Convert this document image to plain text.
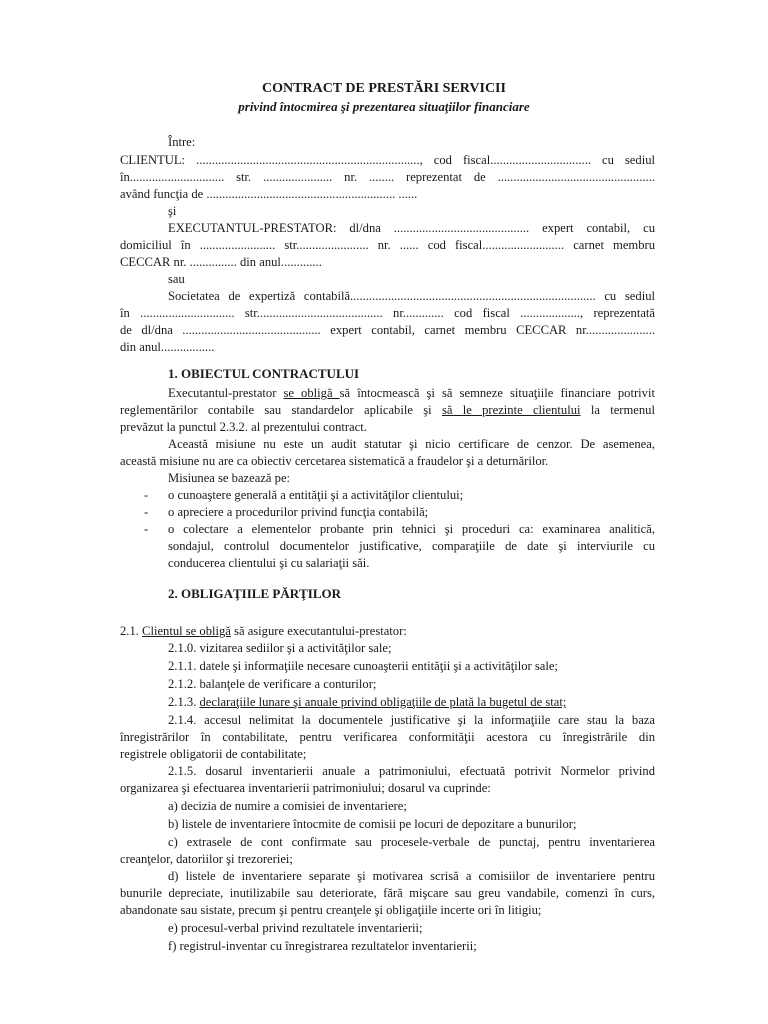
CONTRACT DE PRESTĂRI SERVICII
privind întocmirea şi prezentarea situaţiilor financiare
Între:
CLIENTUL: ......................................................................., cod fiscal................................ cu sediul
în.............................. str. ...................... nr. ........ reprezentat de ..................................................
având funcţia de ............................................................ ......
şi
EXECUTANTUL-PRESTATOR: dl/dna ........................................... expert contabil, cu
domiciliul în ........................ str....................... nr. ...... cod fiscal.......................... carnet membru
CECCAR nr. ............... din anul.............
sau
Societatea de expertiză contabilă.............................................................................. cu sediul
în .............................. str........................................ nr............. cod fiscal ..................., reprezentată
de dl/dna ............................................ expert contabil, carnet membru CECCAR nr......................
din anul.................
1. OBIECTUL CONTRACTULUI
Executantul-prestator se obligă să întocmească şi să semneze situaţiile financiare potrivit
reglementărilor contabile sau standardelor aplicabile şi să le prezinte clientului la termenul
prevăzut la punctul 2.3.2. al prezentului contract.
Această misiune nu este un audit statutar şi nicio certificare de cenzor. De asemenea,
această misiune nu are ca obiectiv cercetarea sistematică a fraudelor şi a deturnărilor.
Misiunea se bazează pe:
- o cunoaştere generală a entităţii şi a activităţilor clientului;
- o apreciere a procedurilor privind funcţia contabilă;
- o colectare a elementelor probante prin tehnici şi proceduri ca: examinarea analitică,
sondajul, controlul documentelor justificative, comparaţiile de date şi interviurile cu
conducerea clientului şi cu salariaţii săi.
2. OBLIGAŢIILE PĂRŢILOR
2.1. Clientul se obligă să asigure executantului-prestator:
2.1.0. vizitarea sediilor şi a activităţilor sale;
2.1.1. datele şi informaţiile necesare cunoaşterii entităţii şi a activităţilor sale;
2.1.2. balanţele de verificare a conturilor;
2.1.3. declaraţiile lunare şi anuale privind obligaţiile de plată la bugetul de stat;
2.1.4. accesul nelimitat la documentele justificative şi la informaţiile care stau la baza
înregistrărilor în contabilitate, pentru verificarea conformităţii acestora cu înregistrările din
registrele obligatorii de contabilitate;
2.1.5. dosarul inventarierii anuale a patrimoniului, efectuată potrivit Normelor privind
organizarea şi efectuarea inventarierii patrimoniului; dosarul va cuprinde:
a) decizia de numire a comisiei de inventariere;
b) listele de inventariere întocmite de comisii pe locuri de depozitare a bunurilor;
c) extrasele de cont confirmate sau procesele-verbale de punctaj, pentru inventarierea
creanţelor, datoriilor şi trezoreriei;
d) listele de inventariere separate şi motivarea scrisă a comisiilor de inventariere pentru
bunurile depreciate, inutilizabile sau deteriorate, fără mişcare sau greu vandabile, comenzi în curs,
abandonate sau sistate, precum şi pentru creanţele şi obligaţiile incerte ori în litigiu;
e) procesul-verbal privind rezultatele inventarierii;
f) registrul-inventar cu înregistrarea rezultatelor inventarierii;
